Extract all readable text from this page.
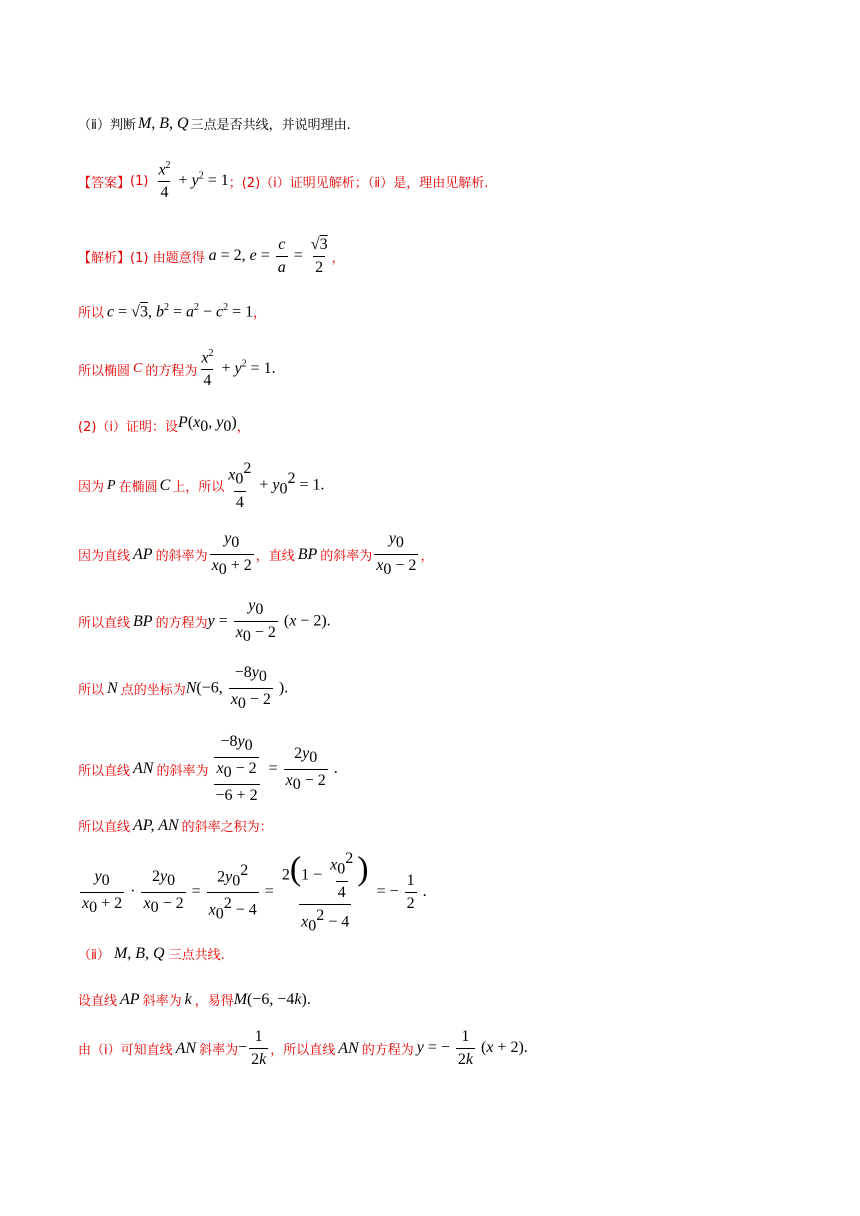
（ⅱ）判断 M, B, Q 三点是否共线，并说明理由.
【答案】 $(1) \frac{x^2}{4} + y^2 = 1$ ； (2)（ⅰ）证明见解析；（ⅱ）是，理由见解析.
【解析】 (1) 由题意得 a = 2, $e = \frac{c}{a} = \frac{√3}{2}$ ，
所以 c = √3, $b^2 = a^2 - c^2 = 1$ ，
所以椭圆 C 的方程为 $\frac{x^2}{4} + y^2 = 1$.
(2)（ⅰ）证明：设 $P(x_0$, $y_0$) ，
因为 P 在椭圆 C 上，所以 $\frac{x_0^2}{4} + y_0^2 = 1$.
因为直线 AP 的斜率为 $\frac{y_0}{x_0 + 2}$ ，直线 BP 的斜率为 $\frac{y_0}{x_0 - 2}$ ，
所以直线 BP 的方程为 $y = \frac{y_0}{x_0 - 2} (x - 2)$.
所以 N 点的坐标为 N(−6, $\frac{-8y_0}{x_0 - 2}$ ).
所以直线 AN 的斜率为 $\frac{\frac{-8y_0}{x_0 - 2}}{-6 + 2} = \frac{2y_0}{x_0 - 2}$ .
所以直线 AP, AN 的斜率之积为：
$\frac{y_0}{x_0 + 2} \cdot \frac{2y_0}{x_0 - 2} = \frac{2y_0^2}{x_0^2 - 4} = \frac{2(1 - \frac{x_0^2}{4} )}{x_0^2 - 4}$ = − $\frac{1}{2}$ .
（ⅱ） M, B, Q 三点共线.
设直线 AP 斜率为 k ，易得 M(−6, −4k).
由（ⅰ）可知直线 AN 斜率为 − $\frac{1}{2k}$ ，所以直线 AN 的方程为 y = − $\frac{1}{2k} (x + 2)$.
